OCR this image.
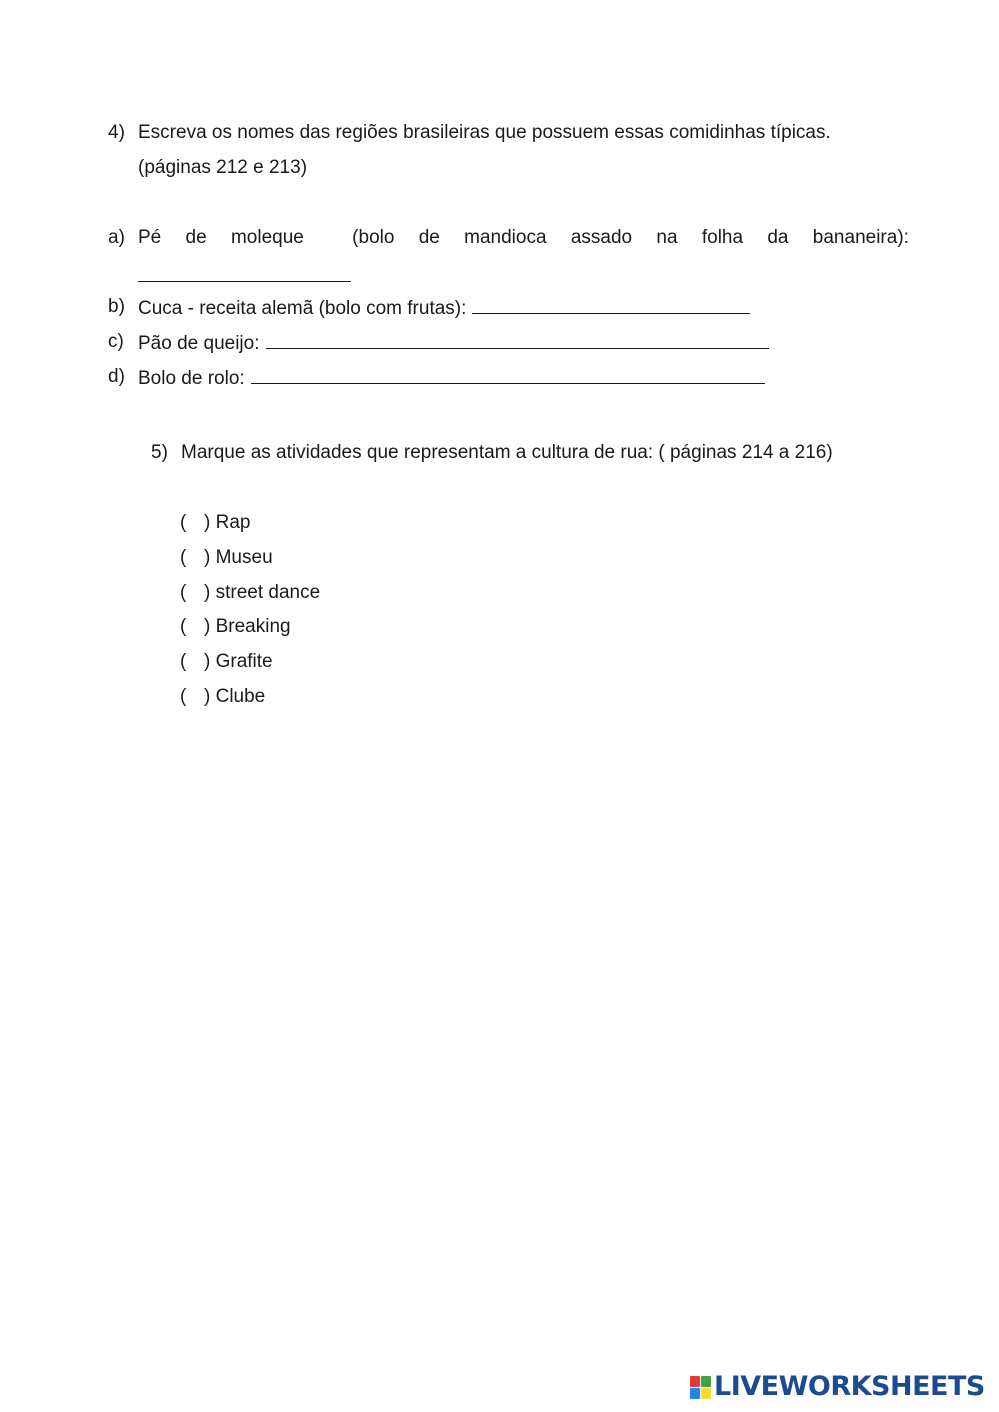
4) Escreva os nomes das regiões brasileiras que possuem essas comidinhas típicas.
(páginas 212 e 213)
a) Pé de moleque	(bolo de mandioca assado na folha da bananeira):
b) Cuca - receita alemã (bolo com frutas):
c) Pão de queijo:
d) Bolo de rolo:
5) Marque as atividades que representam a cultura de rua: ( páginas 214 a 216)
( ) Rap
( ) Museu
( ) street dance
( ) Breaking
( ) Grafite
( ) Clube
LIVEWORKSHEETS
